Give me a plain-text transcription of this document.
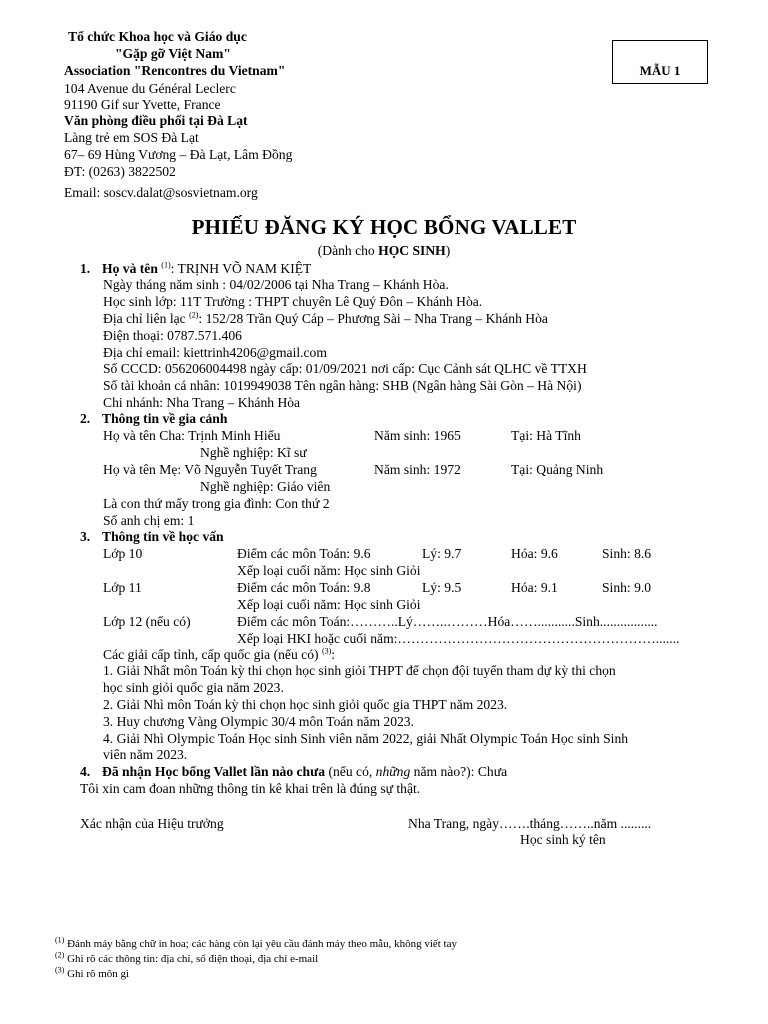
Tổ chức Khoa học và Giáo dục
"Gặp gỡ Việt Nam"
Association "Rencontres du Vietnam"
104 Avenue du Général Leclerc
91190 Gif sur Yvette, France
Văn phòng điều phối tại Đà Lạt
Làng trẻ em SOS Đà Lạt
67– 69 Hùng Vương – Đà Lạt, Lâm Đồng
ĐT: (0263) 3822502
Email: soscv.dalat@sosvietnam.org
MẪU 1
PHIẾU ĐĂNG KÝ HỌC BỔNG VALLET
(Dành cho HỌC SINH)
1. Họ và tên $^{(1)}$: TRỊNH VÕ NAM KIỆT
Ngày tháng năm sinh : 04/02/2006 tại Nha Trang – Khánh Hòa.
Học sinh lớp: 11T Trường : THPT chuyên Lê Quý Đôn – Khánh Hòa.
Địa chỉ liên lạc $^{(2)}$: 152/28 Trần Quý Cáp – Phương Sài – Nha Trang – Khánh Hòa
Điện thoại: 0787.571.406
Địa chỉ email: kiettrinh4206@gmail.com
Số CCCD: 056206004498 ngày cấp: 01/09/2021 nơi cấp: Cục Cảnh sát QLHC về TTXH
Số tài khoản cá nhân: 1019949038 Tên ngân hàng: SHB (Ngân hàng Sài Gòn – Hà Nội)
Chi nhánh: Nha Trang – Khánh Hòa
2. Thông tin về gia cảnh
Họ và tên Cha: Trịnh Minh Hiếu	Năm sinh: 1965	Tại: Hà Tĩnh
Nghề nghiệp: Kĩ sư
Họ và tên Mẹ: Võ Nguyễn Tuyết Trang	Năm sinh: 1972	Tại: Quảng Ninh
Nghề nghiệp: Giáo viên
Là con thứ mấy trong gia đình: Con thứ 2
Số anh chị em: 1
3. Thông tin về học vấn
Lớp 10	Điểm các môn Toán: 9.6	Lý: 9.7	Hóa: 9.6	Sinh: 8.6
Xếp loại cuối năm: Học sinh Giỏi
Lớp 11	Điểm các môn Toán: 9.8	Lý: 9.5	Hóa: 9.1	Sinh: 9.0
Xếp loại cuối năm: Học sinh Giỏi
Lớp 12 (nếu có)	Điểm các môn Toán:………..Lý……..………Hóa……...........Sinh.................
Xếp loại HKI hoặc cuối năm:………………………………………………….......
Các giải cấp tỉnh, cấp quốc gia (nếu có) $^{(3)}$:
1. Giải Nhất môn Toán kỳ thi chọn học sinh giỏi THPT để chọn đội tuyển tham dự kỳ thi chọn
học sinh giỏi quốc gia năm 2023.
2. Giải Nhì môn Toán kỳ thi chọn học sinh giỏi quốc gia THPT năm 2023.
3. Huy chương Vàng Olympic 30/4 môn Toán năm 2023.
4. Giải Nhì Olympic Toán Học sinh Sinh viên năm 2022, giải Nhất Olympic Toán Học sinh Sinh
viên năm 2023.
4. Đã nhận Học bổng Vallet lần nào chưa (nếu có, những năm nào?): Chưa
Tôi xin cam đoan những thông tin kê khai trên là đúng sự thật.
Xác nhận của Hiệu trưởng	Nha Trang, ngày…….tháng……..năm .........
Học sinh ký tên
$^{(1)}$ Đánh máy bằng chữ in hoa; các hàng còn lại yêu cầu đánh máy theo mẫu, không viết tay
$^{(2)}$ Ghi rõ các thông tin: địa chỉ, số điện thoại, địa chỉ e-mail
$^{(3)}$ Ghi rõ môn gì
